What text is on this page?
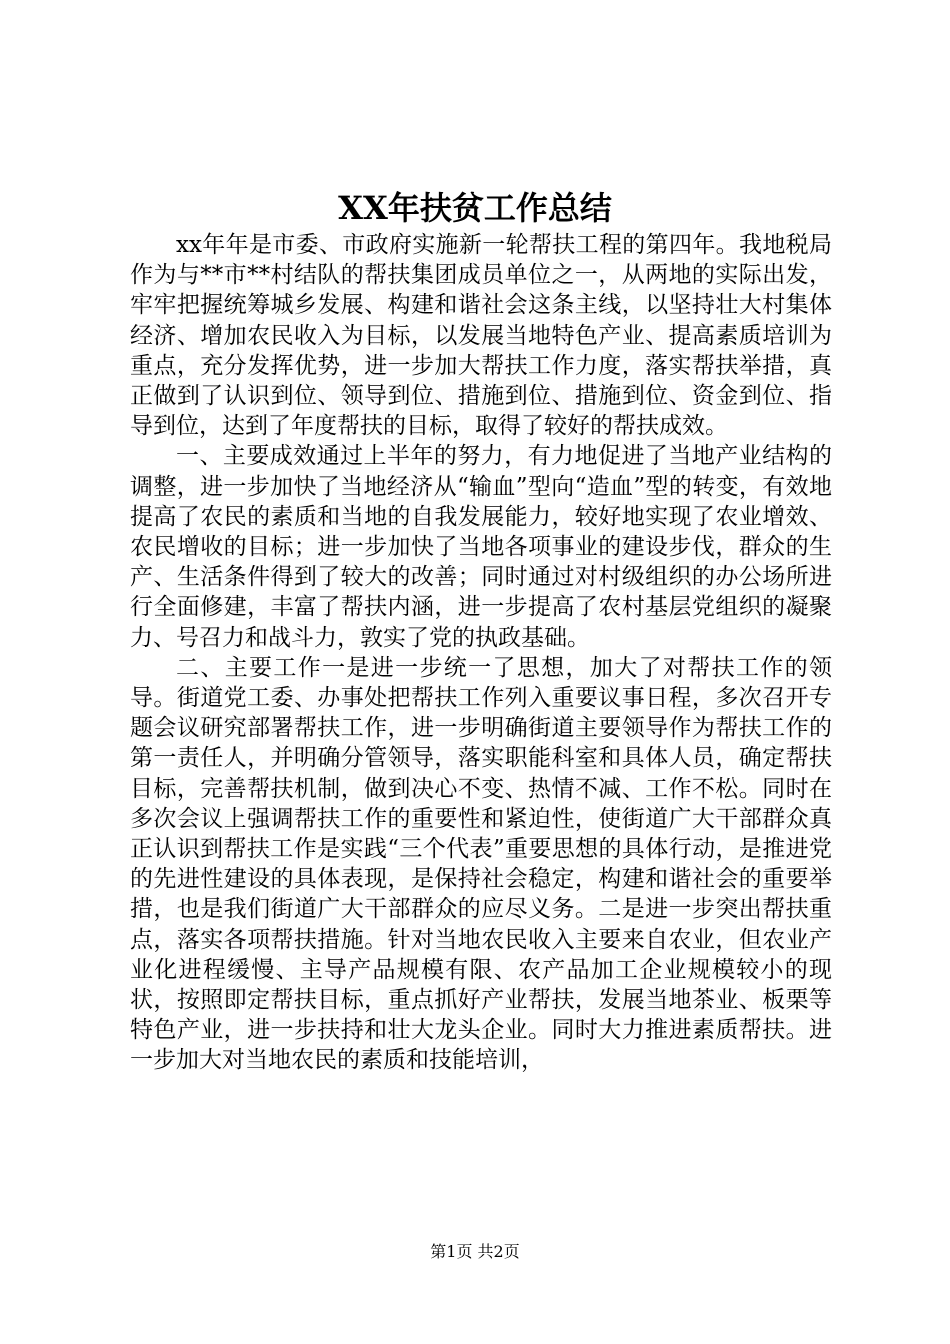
XX年扶贫工作总结

xx年年是市委、市政府实施新一轮帮扶工程的第四年。我地税局作为与**市**村结队的帮扶集团成员单位之一，从两地的实际出发，牢牢把握统筹城乡发展、构建和谐社会这条主线，以坚持壮大村集体经济、增加农民收入为目标，以发展当地特色产业、提高素质培训为重点，充分发挥优势，进一步加大帮扶工作力度，落实帮扶举措，真正做到了认识到位、领导到位、措施到位、措施到位、资金到位、指导到位，达到了年度帮扶的目标，取得了较好的帮扶成效。

一、主要成效通过上半年的努力，有力地促进了当地产业结构的调整，进一步加快了当地经济从“输血”型向“造血”型的转变，有效地提高了农民的素质和当地的自我发展能力，较好地实现了农业增效、农民增收的目标；进一步加快了当地各项事业的建设步伐，群众的生产、生活条件得到了较大的改善；同时通过对村级组织的办公场所进行全面修建，丰富了帮扶内涵，进一步提高了农村基层党组织的凝聚力、号召力和战斗力，敦实了党的执政基础。

二、主要工作一是进一步统一了思想，加大了对帮扶工作的领导。街道党工委、办事处把帮扶工作列入重要议事日程，多次召开专题会议研究部署帮扶工作，进一步明确街道主要领导作为帮扶工作的第一责任人，并明确分管领导，落实职能科室和具体人员，确定帮扶目标，完善帮扶机制，做到决心不变、热情不减、工作不松。同时在多次会议上强调帮扶工作的重要性和紧迫性，使街道广大干部群众真正认识到帮扶工作是实践“三个代表”重要思想的具体行动，是推进党的先进性建设的具体表现，是保持社会稳定，构建和谐社会的重要举措，也是我们街道广大干部群众的应尽义务。二是进一步突出帮扶重点，落实各项帮扶措施。针对当地农民收入主要来自农业，但农业产业化进程缓慢、主导产品规模有限、农产品加工企业规模较小的现状，按照即定帮扶目标，重点抓好产业帮扶，发展当地茶业、板栗等特色产业，进一步扶持和壮大龙头企业。同时大力推进素质帮扶。进一步加大对当地农民的素质和技能培训，

第1页 共2页
